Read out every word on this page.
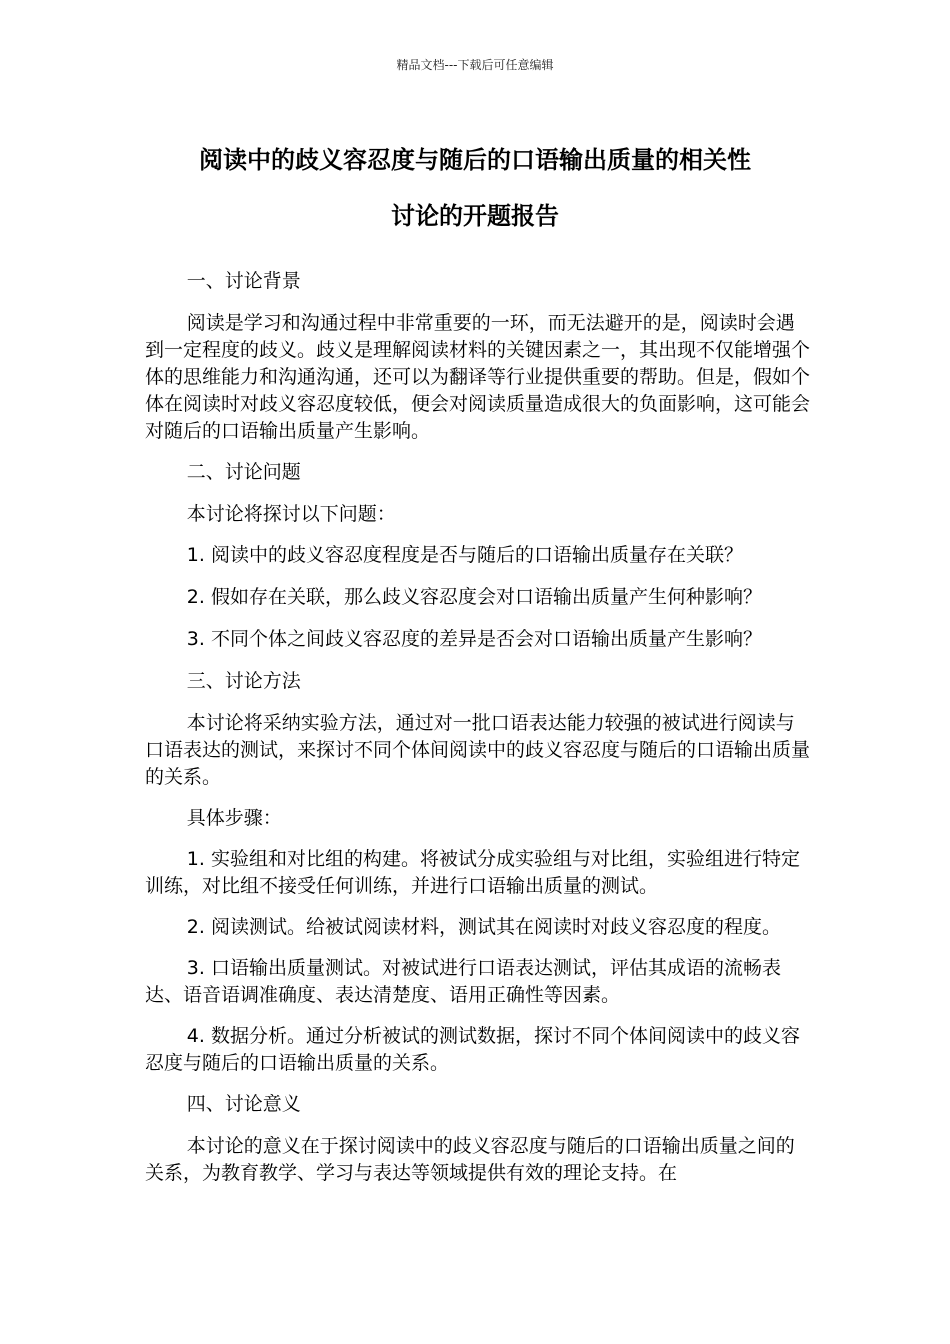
精品文档---下载后可任意编辑
阅读中的歧义容忍度与随后的口语输出质量的相关性
讨论的开题报告

一、讨论背景

阅读是学习和沟通过程中非常重要的一环，而无法避开的是，阅读时会遇到一定程度的歧义。歧义是理解阅读材料的关键因素之一，其出现不仅能增强个体的思维能力和沟通沟通，还可以为翻译等行业提供重要的帮助。但是，假如个体在阅读时对歧义容忍度较低，便会对阅读质量造成很大的负面影响，这可能会对随后的口语输出质量产生影响。

二、讨论问题

本讨论将探讨以下问题：

1. 阅读中的歧义容忍度程度是否与随后的口语输出质量存在关联？

2. 假如存在关联，那么歧义容忍度会对口语输出质量产生何种影响？

3. 不同个体之间歧义容忍度的差异是否会对口语输出质量产生影响？

三、讨论方法

本讨论将采纳实验方法，通过对一批口语表达能力较强的被试进行阅读与口语表达的测试，来探讨不同个体间阅读中的歧义容忍度与随后的口语输出质量的关系。

具体步骤：

1. 实验组和对比组的构建。将被试分成实验组与对比组，实验组进行特定训练，对比组不接受任何训练，并进行口语输出质量的测试。

2. 阅读测试。给被试阅读材料，测试其在阅读时对歧义容忍度的程度。

3. 口语输出质量测试。对被试进行口语表达测试，评估其成语的流畅表达、语音语调准确度、表达清楚度、语用正确性等因素。

4. 数据分析。通过分析被试的测试数据，探讨不同个体间阅读中的歧义容忍度与随后的口语输出质量的关系。

四、讨论意义

本讨论的意义在于探讨阅读中的歧义容忍度与随后的口语输出质量之间的关系，为教育教学、学习与表达等领域提供有效的理论支持。在
